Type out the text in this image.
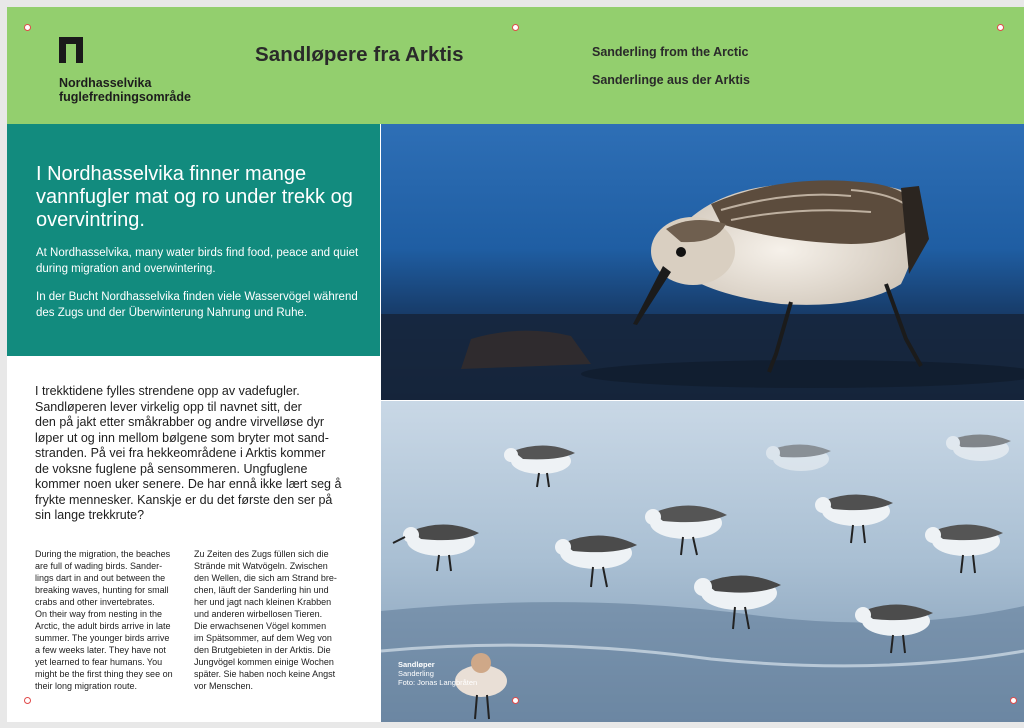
Nordhasselvika
fuglefredningsområde
Sandløpere fra Arktis	Sanderling from the Arctic
Sanderlinge aus der Arktis

I Nordhasselvika finner mange vannfugler mat og ro under trekk og overvintring.

At Nordhasselvika, many water birds find food, peace and quiet during migration and overwintering.

In der Bucht Nordhasselvika finden viele Wasservögel während des Zugs und der Überwinterung Nahrung und Ruhe.

I trekktidene fylles strendene opp av vadefugler.
Sandløperen lever virkelig opp til navnet sitt, der
den på jakt etter småkrabber og andre virvelløse dyr
løper ut og inn mellom bølgene som bryter mot sand-
stranden. På vei fra hekkeområdene i Arktis kommer
de voksne fuglene på sensommeren. Ungfuglene
kommer noen uker senere. De har ennå ikke lært seg å
frykte mennesker. Kanskje er du det første den ser på
sin lange trekkrute?

During the migration, the beaches
are full of wading birds. Sander-
lings dart in and out between the
breaking waves, hunting for small
crabs and other invertebrates.
On their way from nesting in the
Arctic, the adult birds arrive in late
summer. The younger birds arrive
a few weeks later. They have not
yet learned to fear humans. You
might be the first thing they see on
their long migration route.

Zu Zeiten des Zugs füllen sich die
Strände mit Watvögeln. Zwischen
den Wellen, die sich am Strand bre-
chen, läuft der Sanderling hin und
her und jagt nach kleinen Krabben
und anderen wirbellosen Tieren.
Die erwachsenen Vögel kommen
im Spätsommer, auf dem Weg von
den Brutgebieten in der Arktis. Die
Jungvögel kommen einige Wochen
später. Sie haben noch keine Angst
vor Menschen.

Sandløper
Sanderling
Foto: Jonas Langbråten
